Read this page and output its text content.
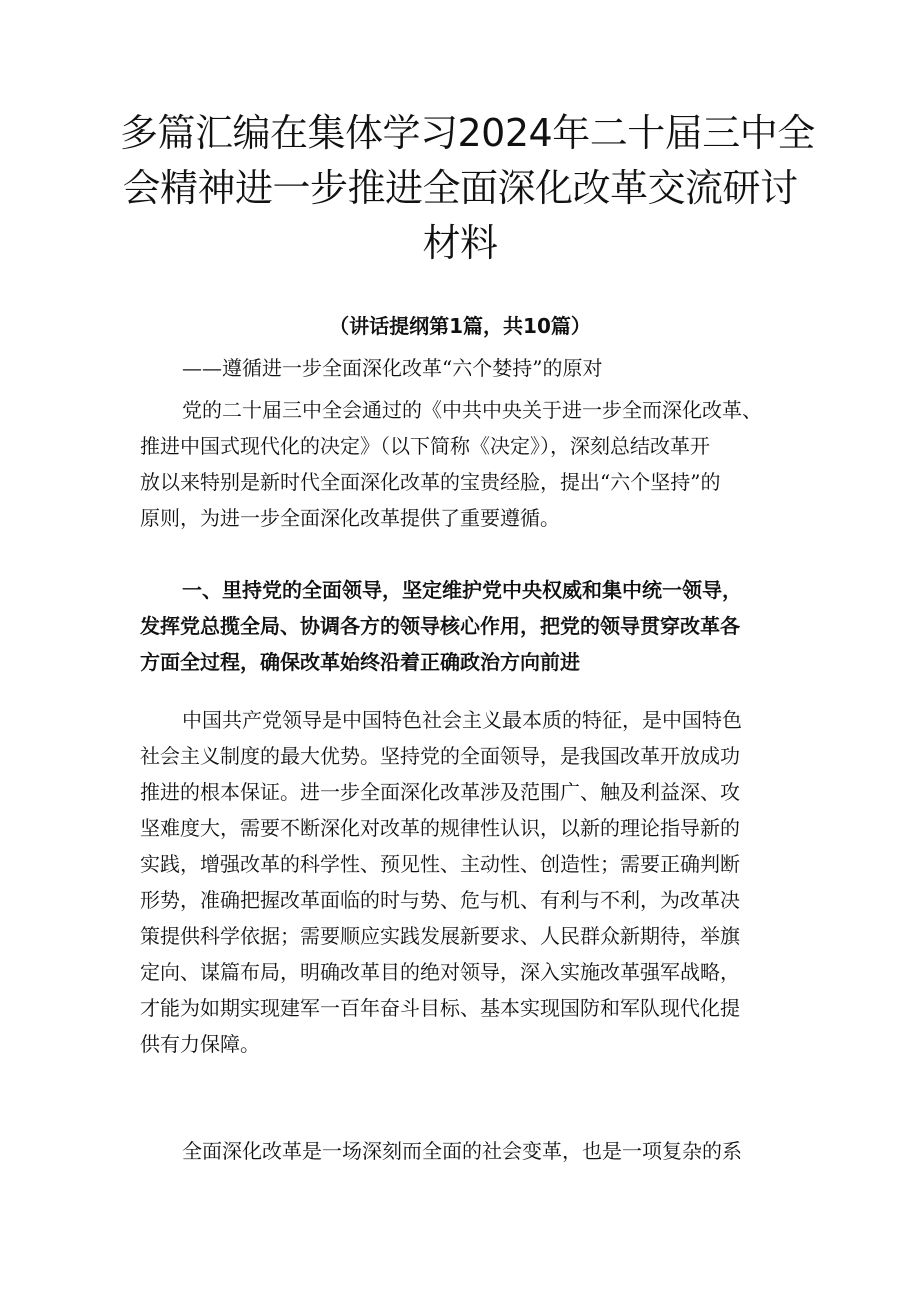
多篇汇编在集体学习2024年二十届三中全
会精神进一步推进全面深化改革交流研讨
材料
（讲话提纲第1篇，共10篇）
——遵循进一步全面深化改革“六个婪持”的原对
党的二十届三中全会通过的《中共中央关于进一步全而深化改革、
推进中国式现代化的决定》（以下简称《决定》），深刻总结改革开
放以来特别是新时代全面深化改革的宝贵经脸，提出“六个坚持”的
原则，为进一步全面深化改革提供了重要遵循。
一、里持党的全面领导，坚定维护党中央权威和集中统一领导，
发挥党总揽全局、协调各方的领导核心作用，把党的领导贯穿改革各
方面全过程，确保改革始终沿着正确政治方向前进
中国共产党领导是中国特色社会主义最本质的特征，是中国特色
社会主义制度的最大优势。坚持党的全面领导，是我国改革开放成功
推进的根本保证。进一步全面深化改革涉及范围广、触及利益深、攻
坚难度大，需要不断深化对改革的规律性认识，以新的理论指导新的
实践，增强改革的科学性、预见性、主动性、创造性；需要正确判断
形势，准确把握改革面临的时与势、危与机、有利与不利，为改革决
策提供科学依据；需要顺应实践发展新要求、人民群众新期待，举旗
定向、谋篇布局，明确改革目的绝对领导，深入实施改革强军战略，
才能为如期实现建军一百年奋斗目标、基本实现国防和军队现代化提
供有力保障。
全面深化改革是一场深刻而全面的社会变革，也是一项复杂的系
